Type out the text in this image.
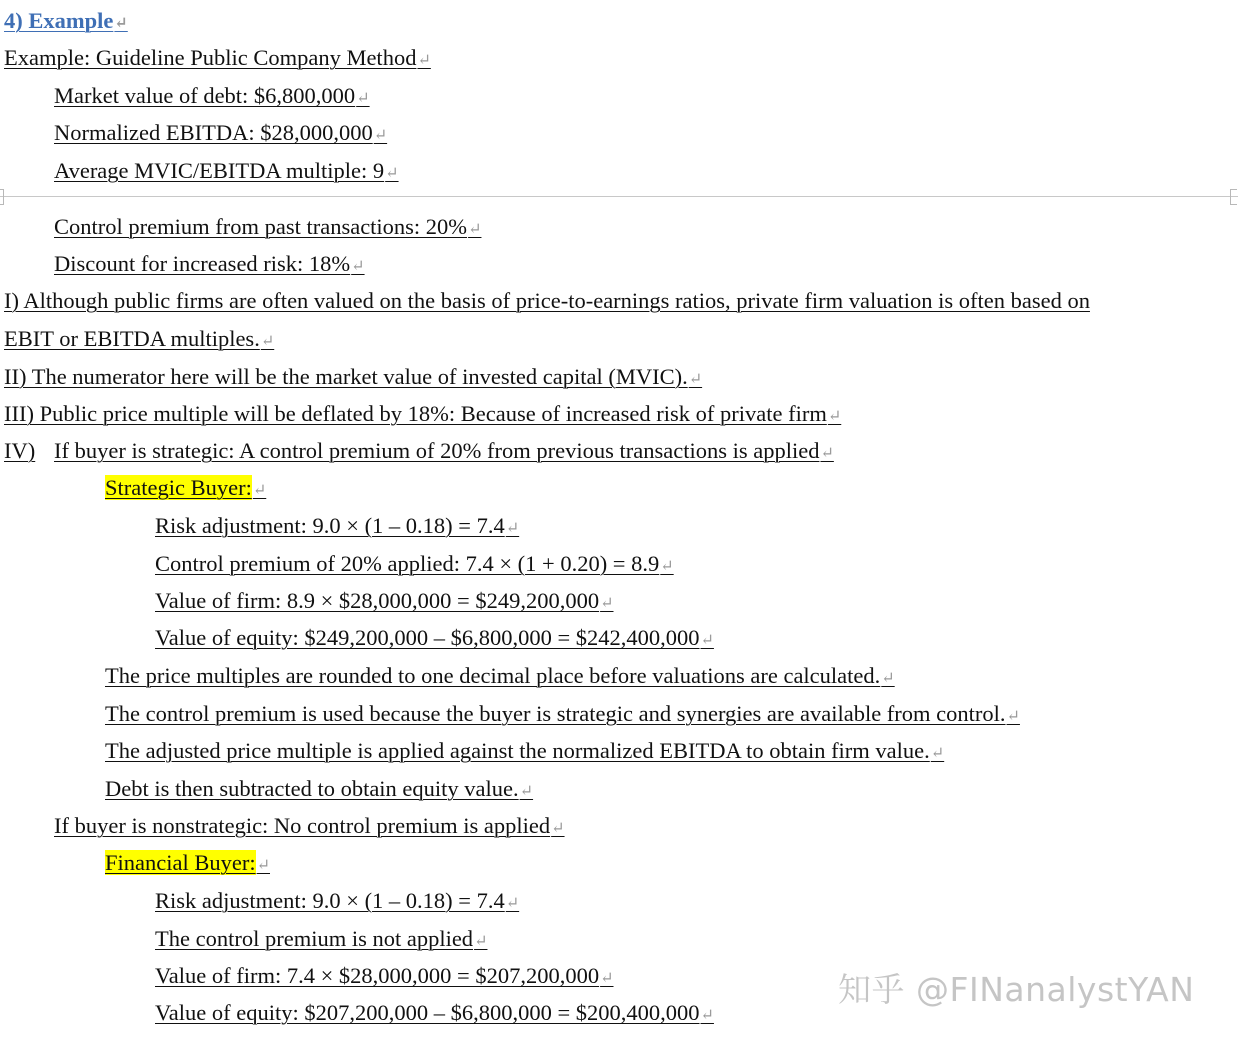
4) Example↵
Example: Guideline Public Company Method↵
Market value of debt: $6,800,000↵
Normalized EBITDA: $28,000,000↵
Average MVIC/EBITDA multiple: 9↵
Control premium from past transactions: 20%↵
Discount for increased risk: 18%↵
I) Although public firms are often valued on the basis of price-to-earnings ratios, private firm valuation is often based on
EBIT or EBITDA multiples.↵
II) The numerator here will be the market value of invested capital (MVIC).↵
III) Public price multiple will be deflated by 18%: Because of increased risk of private firm↵
IV) If buyer is strategic: A control premium of 20% from previous transactions is applied↵
Strategic Buyer:↵
Risk adjustment: 9.0 × (1 – 0.18) = 7.4↵
Control premium of 20% applied: 7.4 × (1 + 0.20) = 8.9↵
Value of firm: 8.9 × $28,000,000 = $249,200,000↵
Value of equity: $249,200,000 – $6,800,000 = $242,400,000↵
The price multiples are rounded to one decimal place before valuations are calculated.↵
The control premium is used because the buyer is strategic and synergies are available from control.↵
The adjusted price multiple is applied against the normalized EBITDA to obtain firm value.↵
Debt is then subtracted to obtain equity value.↵
If buyer is nonstrategic: No control premium is applied↵
Financial Buyer:↵
Risk adjustment: 9.0 × (1 – 0.18) = 7.4↵
The control premium is not applied↵
Value of firm: 7.4 × $28,000,000 = $207,200,000↵
Value of equity: $207,200,000 – $6,800,000 = $200,400,000↵
知乎 @FINanalystYAN
